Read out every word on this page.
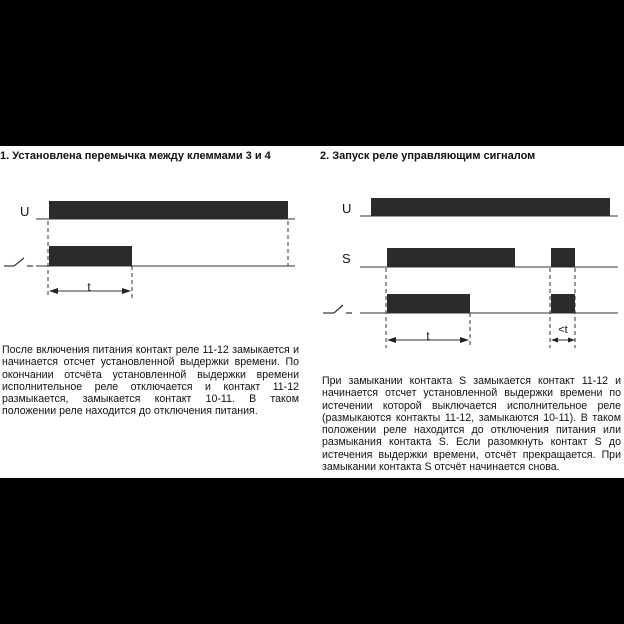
1. Установлена перемычка между клеммами 3 и 4	2. Запуск реле управляющим сигналом
U
t
U
S
t	<t
После включения питания контакт реле 11-12 замыкается и начинается отсчет установленной выдержки времени. По окончании отсчёта установленной выдержки времени исполнительное реле отключается и контакт 11-12 размыкается, замыкается контакт 10-11. В таком положении реле находится до отключения питания.
При замыкании контакта S замыкается контакт 11-12 и начинается отсчет установленной выдержки времени по истечении которой выключается исполнительное реле (размыкаются контакты 11-12, замыкаются 10-11). В таком положении реле находится до отключения питания или размыкания контакта S. Если разомкнуть контакт S до истечения выдержки времени, отсчёт прекращается. При замыкании контакта S отсчёт начинается снова.
